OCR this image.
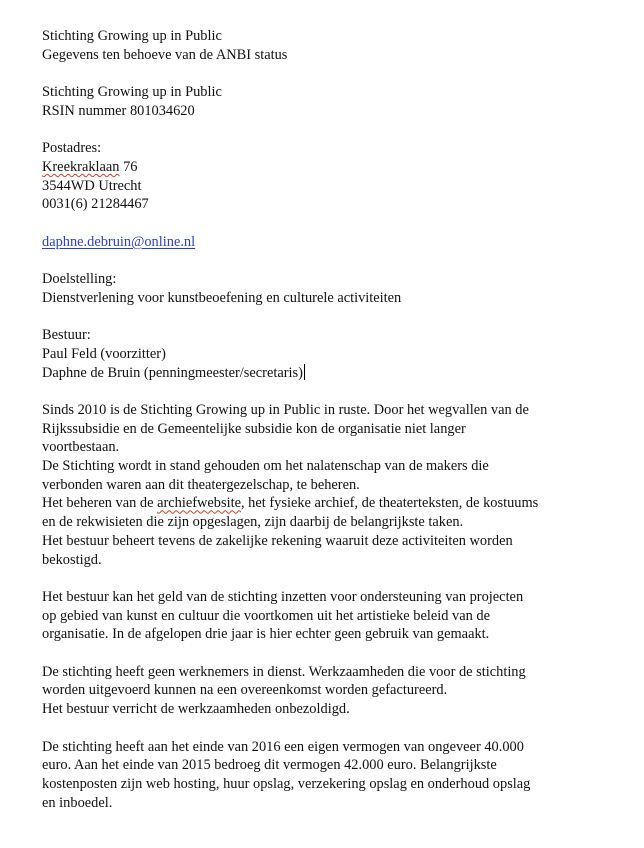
Stichting Growing up in Public

Gegevens ten behoeve van de ANBI status

Stichting Growing up in Public

RSIN nummer 801034620

Postadres:

Kreekraklaan 76

3544WD Utrecht

0031(6) 21284467

daphne.debruin@online.nl

Doelstelling:

Dienstverlening voor kunstbeoefening en culturele activiteiten

Bestuur:

Paul Feld (voorzitter)

Daphne de Bruin (penningmeester/secretaris)

Sinds 2010 is de Stichting Growing up in Public in ruste. Door het wegvallen van de

Rijkssubsidie en de Gemeentelijke subsidie kon de organisatie niet langer

voortbestaan.

De Stichting wordt in stand gehouden om het nalatenschap van de makers die

verbonden waren aan dit theatergezelschap, te beheren.

Het beheren van de archiefwebsite, het fysieke archief, de theaterteksten, de kostuums

en de rekwisieten die zijn opgeslagen, zijn daarbij de belangrijkste taken.

Het bestuur beheert tevens de zakelijke rekening waaruit deze activiteiten worden

bekostigd.

Het bestuur kan het geld van de stichting inzetten voor ondersteuning van projecten

op gebied van kunst en cultuur die voortkomen uit het artistieke beleid van de

organisatie. In de afgelopen drie jaar is hier echter geen gebruik van gemaakt.

De stichting heeft geen werknemers in dienst. Werkzaamheden die voor de stichting

worden uitgevoerd kunnen na een overeenkomst worden gefactureerd.

Het bestuur verricht de werkzaamheden onbezoldigd.

De stichting heeft aan het einde van 2016 een eigen vermogen van ongeveer 40.000

euro. Aan het einde van 2015 bedroeg dit vermogen 42.000 euro. Belangrijkste

kostenposten zijn web hosting, huur opslag, verzekering opslag en onderhoud opslag

en inboedel.
